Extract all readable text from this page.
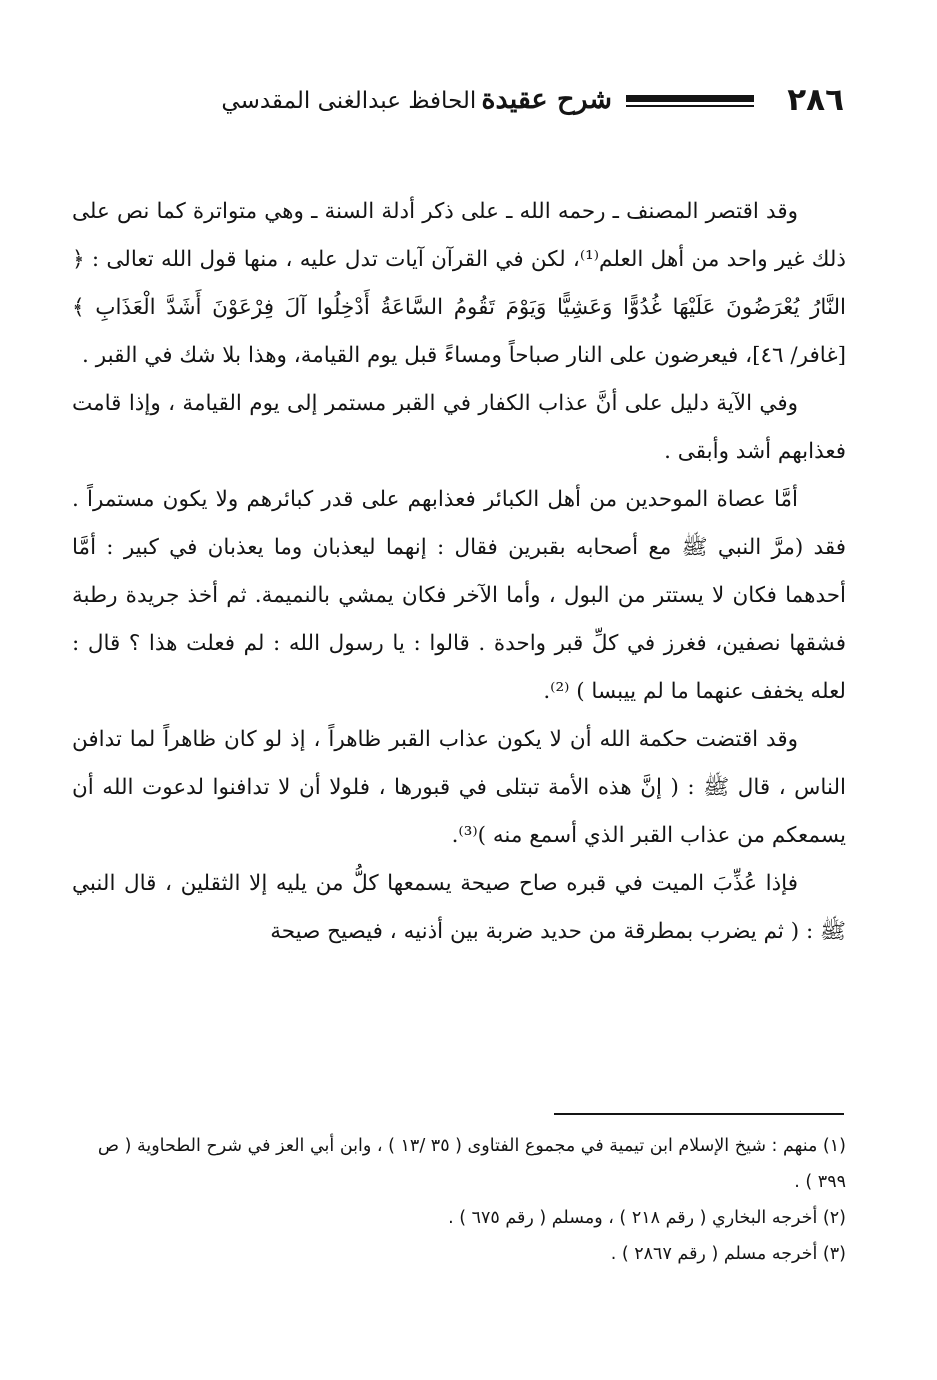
٢٨٦
شرح عقيدة الحافظ عبدالغنى المقدسي

وقد اقتصر المصنف ـ رحمه الله ـ على ذكر أدلة السنة ـ وهي متواترة كما نص على ذلك غير واحد من أهل العلم⁽¹⁾، لكن في القرآن آيات تدل عليه ، منها قول الله تعالى : ﴿ النَّارُ يُعْرَضُونَ عَلَيْهَا غُدُوًّا وَعَشِيًّا وَيَوْمَ تَقُومُ السَّاعَةُ أَدْخِلُوا آلَ فِرْعَوْنَ أَشَدَّ الْعَذَابِ ﴾ [غافر/ ٤٦]، فيعرضون على النار صباحاً ومساءً قبل يوم القيامة، وهذا بلا شك في القبر .

وفي الآية دليل على أنَّ عذاب الكفار في القبر مستمر إلى يوم القيامة ، وإذا قامت فعذابهم أشد وأبقى .

أمَّا عصاة الموحدين من أهل الكبائر فعذابهم على قدر كبائرهم ولا يكون مستمراً . فقد (مرَّ النبي ﷺ مع أصحابه بقبرين فقال : إنهما ليعذبان وما يعذبان في كبير : أمَّا أحدهما فكان لا يستتر من البول ، وأما الآخر فكان يمشي بالنميمة. ثم أخذ جريدة رطبة فشقها نصفين، فغرز في كلِّ قبر واحدة . قالوا : يا رسول الله : لم فعلت هذا ؟ قال : لعله يخفف عنهما ما لم ييبسا ) ⁽²⁾.

وقد اقتضت حكمة الله أن لا يكون عذاب القبر ظاهراً ، إذ لو كان ظاهراً لما تدافن الناس ، قال ﷺ : ( إنَّ هذه الأمة تبتلى في قبورها ، فلولا أن لا تدافنوا لدعوت الله أن يسمعكم من عذاب القبر الذي أسمع منه )⁽³⁾.

فإذا عُذِّبَ الميت في قبره صاح صيحة يسمعها كلُّ من يليه إلا الثقلين ، قال النبي ﷺ : ( ثم يضرب بمطرقة من حديد ضربة بين أذنيه ، فيصيح صيحة

(١) منهم : شيخ الإسلام ابن تيمية في مجموع الفتاوى ( ٣٥ /١٣ ) ، وابن أبي العز في شرح الطحاوية ( ص ٣٩٩ ) .

(٢) أخرجه البخاري ( رقم ٢١٨ ) ، ومسلم ( رقم ٦٧٥ ) .

(٣) أخرجه مسلم ( رقم ٢٨٦٧ ) .
